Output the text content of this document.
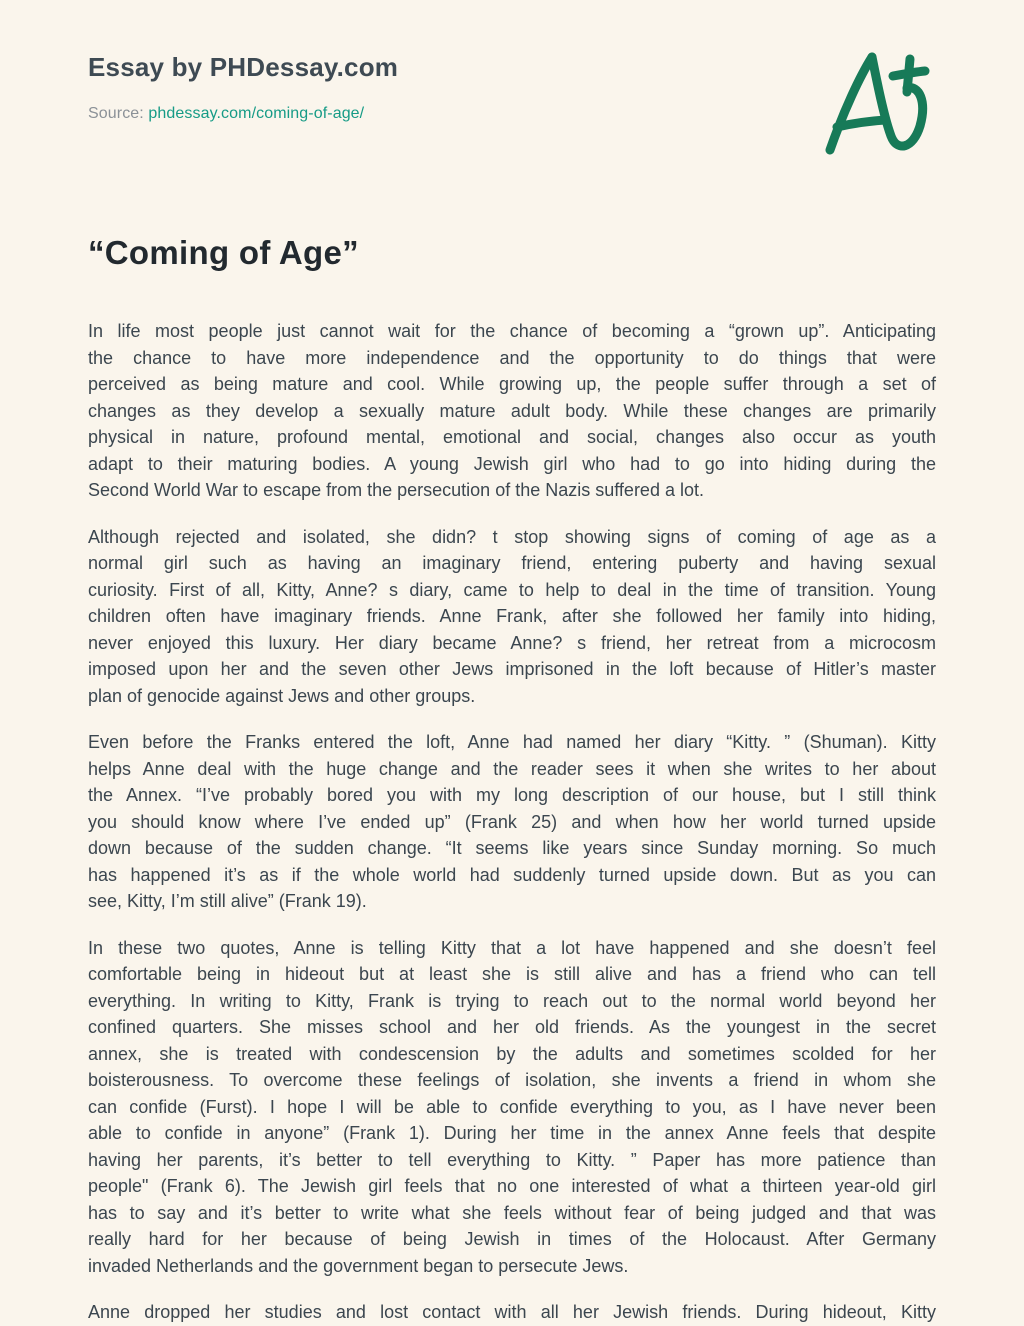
Essay by PHDessay.com
Source: phdessay.com/coming-of-age/
“Coming of Age”
In life most people just cannot wait for the chance of becoming a “grown up”. Anticipating
the chance to have more independence and the opportunity to do things that were
perceived as being mature and cool. While growing up, the people suffer through a set of
changes as they develop a sexually mature adult body. While these changes are primarily
physical in nature, profound mental, emotional and social, changes also occur as youth
adapt to their maturing bodies. A young Jewish girl who had to go into hiding during the
Second World War to escape from the persecution of the Nazis suffered a lot.
Although rejected and isolated, she didn? t stop showing signs of coming of age as a
normal girl such as having an imaginary friend, entering puberty and having sexual
curiosity. First of all, Kitty, Anne? s diary, came to help to deal in the time of transition. Young
children often have imaginary friends. Anne Frank, after she followed her family into hiding,
never enjoyed this luxury. Her diary became Anne? s friend, her retreat from a microcosm
imposed upon her and the seven other Jews imprisoned in the loft because of Hitler’s master
plan of genocide against Jews and other groups.
Even before the Franks entered the loft, Anne had named her diary “Kitty. ” (Shuman). Kitty
helps Anne deal with the huge change and the reader sees it when she writes to her about
the Annex. “I’ve probably bored you with my long description of our house, but I still think
you should know where I’ve ended up” (Frank 25) and when how her world turned upside
down because of the sudden change. “It seems like years since Sunday morning. So much
has happened it’s as if the whole world had suddenly turned upside down. But as you can
see, Kitty, I’m still alive” (Frank 19).
In these two quotes, Anne is telling Kitty that a lot have happened and she doesn’t feel
comfortable being in hideout but at least she is still alive and has a friend who can tell
everything. In writing to Kitty, Frank is trying to reach out to the normal world beyond her
confined quarters. She misses school and her old friends. As the youngest in the secret
annex, she is treated with condescension by the adults and sometimes scolded for her
boisterousness. To overcome these feelings of isolation, she invents a friend in whom she
can confide (Furst). I hope I will be able to confide everything to you, as I have never been
able to confide in anyone” (Frank 1). During her time in the annex Anne feels that despite
having her parents, it’s better to tell everything to Kitty. ” Paper has more patience than
people" (Frank 6). The Jewish girl feels that no one interested of what a thirteen year-old girl
has to say and it’s better to write what she feels without fear of being judged and that was
really hard for her because of being Jewish in times of the Holocaust. After Germany
invaded Netherlands and the government began to persecute Jews.
Anne dropped her studies and lost contact with all her Jewish friends. During hideout, Kitty
